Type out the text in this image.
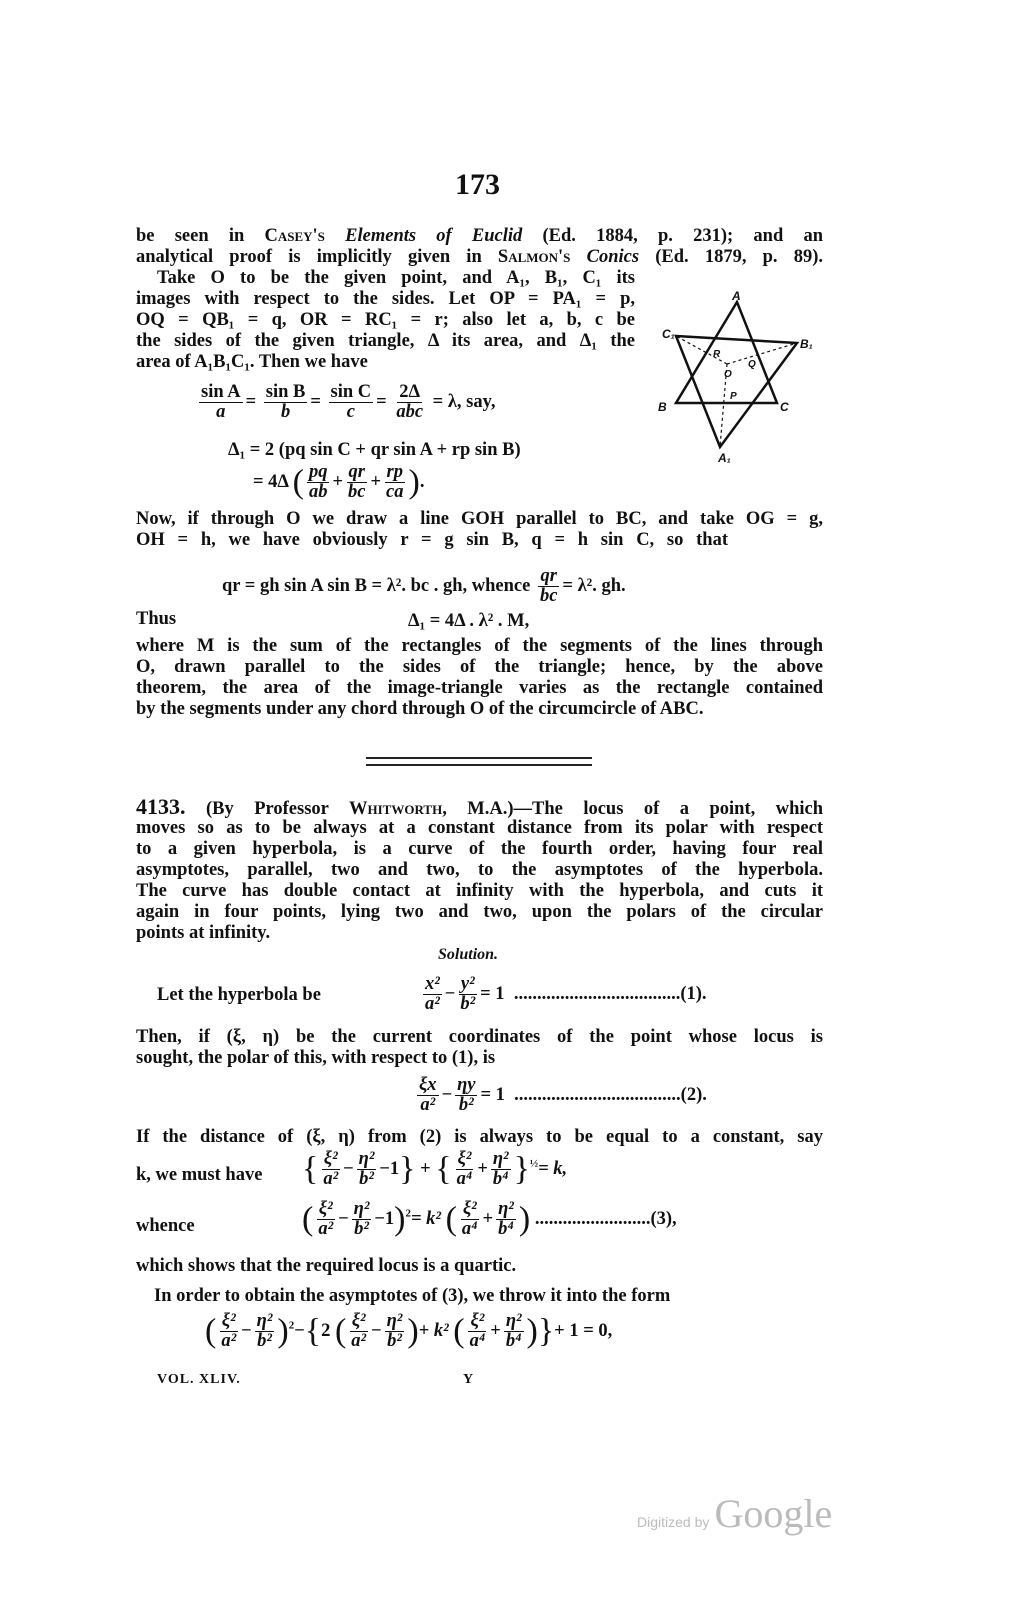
173
be seen in Casey's Elements of Euclid (Ed. 1884, p. 231); and an
analytical proof is implicitly given in Salmon's Conics (Ed. 1879, p. 89).
Take O to be the given point, and A₁, B₁, C₁ its
images with respect to the sides. Let OP = PA₁ = p,
OQ = QB₁ = q, OR = RC₁ = r; also let a, b, c be
the sides of the given triangle, Δ its area, and Δ₁ the
area of A₁B₁C₁. Then we have
$\frac{\text{sin A}}{a} = \frac{\text{sin B}}{b} = \frac{\text{sin C}}{c} = \frac{2\Delta}{\text{abc}} = \lambda$, say,
Δ₁ = 2 (pq sin C + qr sin A + rp sin B)
= 4Δ ( $\frac{pq}{ab} + \frac{qr}{bc} + \frac{rp}{ca}$ ).
A
B	C
A₁
B₁
C₁
O
P
Q
R
Now, if through O we draw a line GOH parallel to BC, and take OG = g,
OH = h, we have obviously r = g sin B, q = h sin C, so that
qr = gh sin A sin B = λ². bc . gh, whence $\frac{qr}{bc} = \lambda^2$. gh.
Thus	Δ₁ = 4Δ . λ² . M,
where M is the sum of the rectangles of the segments of the lines through
O, drawn parallel to the sides of the triangle; hence, by the above
theorem, the area of the image-triangle varies as the rectangle contained
by the segments under any chord through O of the circumcircle of ABC.
4133. (By Professor Whitworth, M.A.)—The locus of a point, which
moves so as to be always at a constant distance from its polar with respect
to a given hyperbola, is a curve of the fourth order, having four real
asymptotes, parallel, two and two, to the asymptotes of the hyperbola.
The curve has double contact at infinity with the hyperbola, and cuts it
again in four points, lying two and two, upon the polars of the circular
points at infinity.
Solution.
Let the hyperbola be	$\frac{\text{x²}}{\text{a²}} - \frac{\text{y²}}{\text{b²}} = 1$ ....................................(1).
Then, if (ξ, η) be the current coordinates of the point whose locus is
sought, the polar of this, with respect to (1), is
$\frac{\xi x}{\text{a²}} - \frac{\eta y}{\text{b²}} = 1$ ....................................(2).
If the distance of (ξ, η) from (2) is always to be equal to a constant, say
k, we must have	{ $\frac{\text{ξ²}}{\text{a²}} - \frac{\text{η²}}{\text{b²}} -1$} + { $\frac{\text{ξ²}}{\text{a⁴}} + \frac{\text{η²}}{\text{b⁴}} \}^{\frac{1}{2}}= k$,
whence	( $\frac{\text{ξ²}}{\text{a²}} - \frac{\text{η²}}{\text{b²}} -1)^2= k^2$ ( $\frac{\text{ξ²}}{\text{a⁴}} + \frac{\text{η²}}{\text{b⁴}}$ ) .........................(3),
which shows that the required locus is a quartic.
In order to obtain the asymptotes of (3), we throw it into the form
( $\frac{\text{ξ²}}{\text{a²}} - \frac{\text{η²}}{\text{b²}} )^2-\{2$ ( $\frac{\text{ξ²}}{\text{a²}} - \frac{\text{η²}}{\text{b²}}$ )+ k² ( $\frac{\text{ξ²}}{\text{a⁴}} + \frac{\text{η²}}{\text{b⁴}}$ )}+ 1 = 0,
VOL. XLIV.	Y
Digitized by Google
